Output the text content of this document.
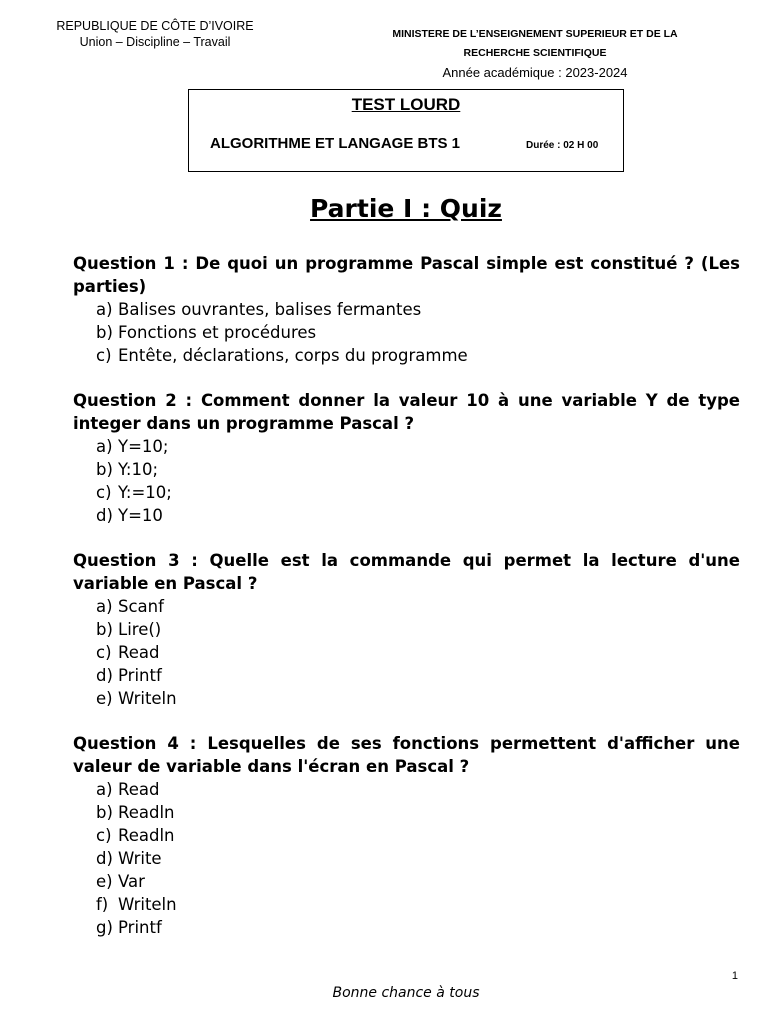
REPUBLIQUE DE CÔTE D’IVOIRE
Union – Discipline – Travail
MINISTERE DE L’ENSEIGNEMENT SUPERIEUR ET DE LA
RECHERCHE SCIENTIFIQUE
Année académique : 2023-2024
TEST LOURD
ALGORITHME ET LANGAGE BTS 1	Durée : 02 H 00
Partie I : Quiz
Question 1 : De quoi un programme Pascal simple est constitué ? (Les parties)
a) Balises ouvrantes, balises fermantes
b) Fonctions et procédures
c) Entête, déclarations, corps du programme
Question 2 : Comment donner la valeur 10 à une variable Y de type integer dans un programme Pascal ?
a) Y=10;
b) Y:10;
c) Y:=10;
d) Y=10
Question 3 : Quelle est la commande qui permet la lecture d'une variable en Pascal ?
a) Scanf
b) Lire()
c) Read
d) Printf
e) Writeln
Question 4 : Lesquelles de ses fonctions permettent d'afficher une valeur de variable dans l'écran en Pascal ?
a) Read
b) Readln
c) Readln
d) Write
e) Var
f) Writeln
g) Printf
1
Bonne chance à tous
